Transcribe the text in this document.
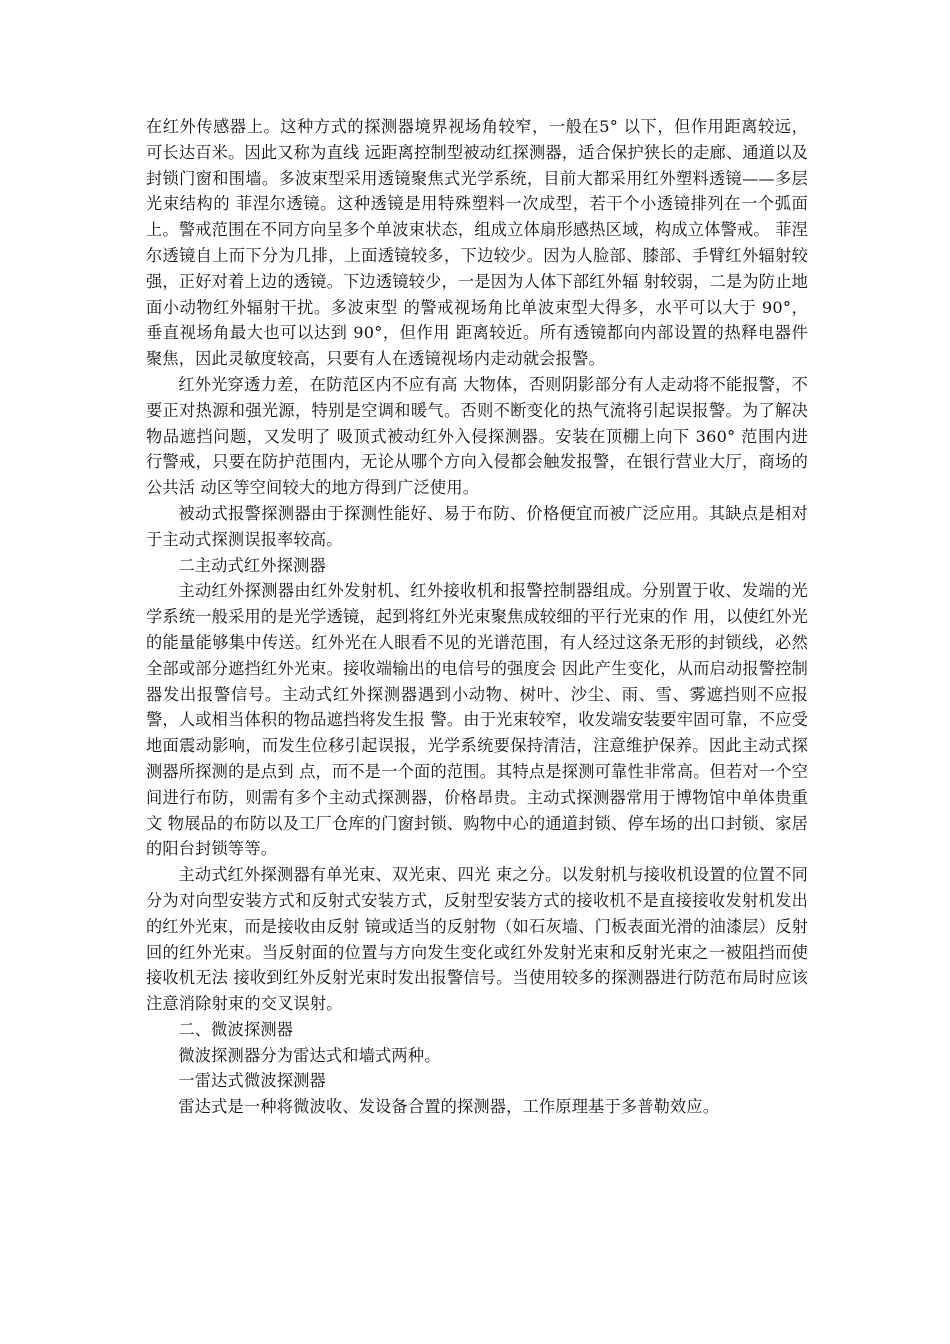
在红外传感器上。这种方式的探测器境界视场角较窄，一般在5° 以下，但作用距离较远，可长达百米。因此又称为直线 远距离控制型被动红探测器，适合保护狭长的走廊、通道以及封锁门窗和围墙。多波束型采用透镜聚焦式光学系统，目前大都采用红外塑料透镜——多层光束结构的 菲涅尔透镜。这种透镜是用特殊塑料一次成型，若干个小透镜排列在一个弧面上。警戒范围在不同方向呈多个单波束状态，组成立体扇形感热区域，构成立体警戒。 菲涅尔透镜自上而下分为几排，上面透镜较多，下边较少。因为人脸部、膝部、手臂红外辐射较强，正好对着上边的透镜。下边透镜较少，一是因为人体下部红外辐 射较弱，二是为防止地面小动物红外辐射干扰。多波束型 的警戒视场角比单波束型大得多，水平可以大于 90°，垂直视场角最大也可以达到 90°，但作用 距离较近。所有透镜都向内部设置的热释电器件聚焦，因此灵敏度较高，只要有人在透镜视场内走动就会报警。

红外光穿透力差，在防范区内不应有高 大物体，否则阴影部分有人走动将不能报警，不要正对热源和强光源，特别是空调和暖气。否则不断变化的热气流将引起误报警。为了解决物品遮挡问题，又发明了 吸顶式被动红外入侵探测器。安装在顶棚上向下 360° 范围内进行警戒，只要在防护范围内，无论从哪个方向入侵都会触发报警，在银行营业大厅，商场的公共活 动区等空间较大的地方得到广泛使用。

被动式报警探测器由于探测性能好、易于布防、价格便宜而被广泛应用。其缺点是相对于主动式探测误报率较高。

二主动式红外探测器

主动红外探测器由红外发射机、红外接收机和报警控制器组成。分别置于收、发端的光学系统一般采用的是光学透镜，起到将红外光束聚焦成较细的平行光束的作 用，以使红外光的能量能够集中传送。红外光在人眼看不见的光谱范围，有人经过这条无形的封锁线，必然全部或部分遮挡红外光束。接收端输出的电信号的强度会 因此产生变化，从而启动报警控制器发出报警信号。主动式红外探测器遇到小动物、树叶、沙尘、雨、雪、雾遮挡则不应报警，人或相当体积的物品遮挡将发生报 警。由于光束较窄，收发端安装要牢固可靠，不应受地面震动影响，而发生位移引起误报，光学系统要保持清洁，注意维护保养。因此主动式探测器所探测的是点到 点，而不是一个面的范围。其特点是探测可靠性非常高。但若对一个空间进行布防，则需有多个主动式探测器，价格昂贵。主动式探测器常用于博物馆中单体贵重文 物展品的布防以及工厂仓库的门窗封锁、购物中心的通道封锁、停车场的出口封锁、家居的阳台封锁等等。

主动式红外探测器有单光束、双光束、四光 束之分。以发射机与接收机设置的位置不同分为对向型安装方式和反射式安装方式，反射型安装方式的接收机不是直接接收发射机发出的红外光束，而是接收由反射 镜或适当的反射物（如石灰墙、门板表面光滑的油漆层）反射回的红外光束。当反射面的位置与方向发生变化或红外发射光束和反射光束之一被阻挡而使接收机无法 接收到红外反射光束时发出报警信号。当使用较多的探测器进行防范布局时应该注意消除射束的交叉误射。

二、微波探测器

微波探测器分为雷达式和墙式两种。

一雷达式微波探测器

雷达式是一种将微波收、发设备合置的探测器，工作原理基于多普勒效应。
